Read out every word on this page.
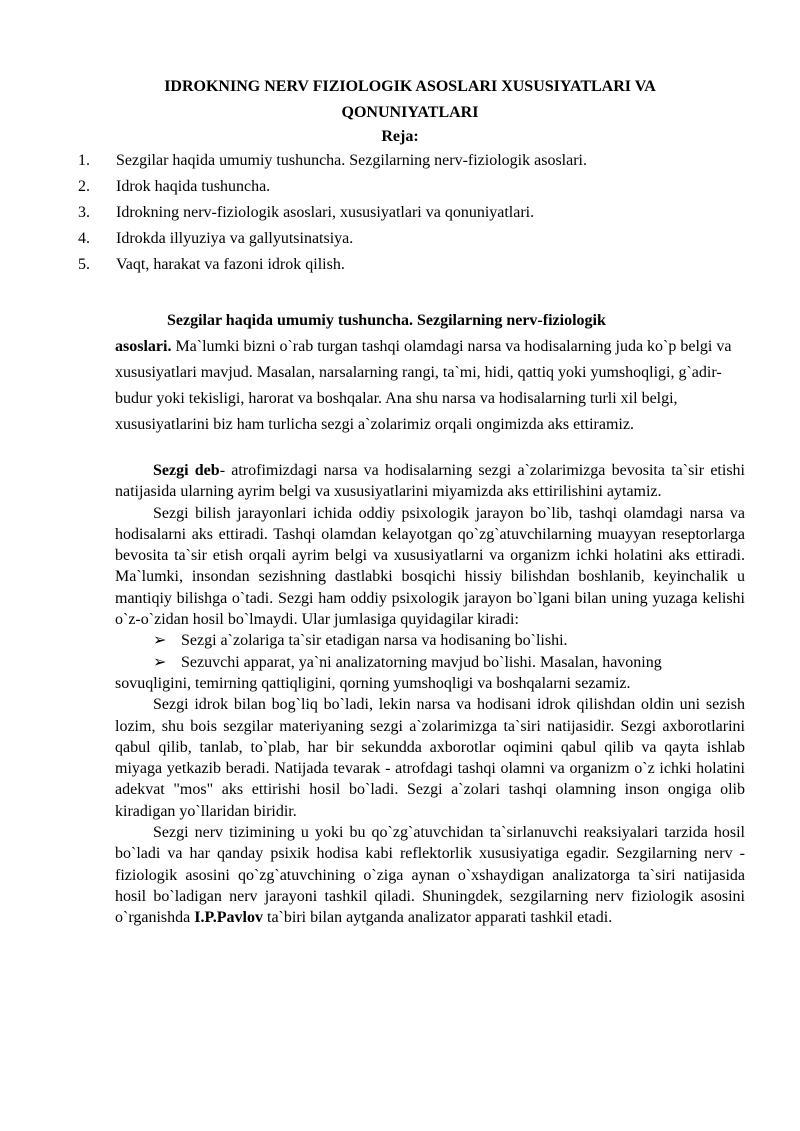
IDROKNING NERV FIZIOLOGIK ASOSLARI XUSUSIYATLARI VA
QONUNIYATLARI
Reja:
1.	Sezgilar haqida umumiy tushuncha. Sezgilarning nerv-fiziologik asoslari.
2.	Idrok haqida tushuncha.
3.	Idrokning nerv-fiziologik asoslari, xususiyatlari va qonuniyatlari.
4.	Idrokda illyuziya va gallyutsinatsiya.
5.	Vaqt, harakat va fazoni idrok qilish.
Sezgilar haqida umumiy tushuncha. Sezgilarning nerv-fiziologik
asoslari. Ma`lumki bizni o`rab turgan tashqi olamdagi narsa va hodisalarning juda ko`p belgi va xususiyatlari mavjud. Masalan, narsalarning rangi, ta`mi, hidi, qattiq yoki yumshoqligi, g`adir-budur yoki tekisligi, harorat va boshqalar. Ana shu narsa va hodisalarning turli xil belgi, xususiyatlarini biz ham turlicha sezgi a`zolarimiz orqali ongimizda aks ettiramiz.

Sezgi deb- atrofimizdagi narsa va hodisalarning sezgi a`zolarimizga bevosita ta`sir etishi natijasida ularning ayrim belgi va xususiyatlarini miyamizda aks ettirilishini aytamiz.

Sezgi bilish jarayonlari ichida oddiy psixologik jarayon bo`lib, tashqi olamdagi narsa va hodisalarni aks ettiradi. Tashqi olamdan kelayotgan qo`zg`atuvchilarning muayyan reseptorlarga bevosita ta`sir etish orqali ayrim belgi va xususiyatlarni va organizm ichki holatini aks ettiradi. Ma`lumki, insondan sezishning dastlabki bosqichi hissiy bilishdan boshlanib, keyinchalik u mantiqiy bilishga o`tadi. Sezgi ham oddiy psixologik jarayon bo`lgani bilan uning yuzaga kelishi o`z-o`zidan hosil bo`lmaydi. Ular jumlasiga quyidagilar kiradi:

➢ Sezgi a`zolariga ta`sir etadigan narsa va hodisaning bo`lishi.
➢ Sezuvchi apparat, ya`ni analizatorning mavjud bo`lishi. Masalan, havoning
sovuqligini, temirning qattiqligini, qorning yumshoqligi va boshqalarni sezamiz.

Sezgi idrok bilan bog`liq bo`ladi, lekin narsa va hodisani idrok qilishdan oldin uni sezish lozim, shu bois sezgilar materiyaning sezgi a`zolarimizga ta`siri natijasidir. Sezgi axborotlarini qabul qilib, tanlab, to`plab, har bir sekundda axborotlar oqimini qabul qilib va qayta ishlab miyaga yetkazib beradi. Natijada tevarak - atrofdagi tashqi olamni va organizm o`z ichki holatini adekvat "mos" aks ettirishi hosil bo`ladi. Sezgi a`zolari tashqi olamning inson ongiga olib kiradigan yo`llaridan biridir.

Sezgi nerv tizimining u yoki bu qo`zg`atuvchidan ta`sirlanuvchi reaksiyalari tarzida hosil bo`ladi va har qanday psixik hodisa kabi reflektorlik xususiyatiga egadir. Sezgilarning nerv - fiziologik asosini qo`zg`atuvchining o`ziga aynan o`xshaydigan analizatorga ta`siri natijasida hosil bo`ladigan nerv jarayoni tashkil qiladi. Shuningdek, sezgilarning nerv fiziologik asosini o`rganishda I.P.Pavlov ta`biri bilan aytganda analizator apparati tashkil etadi.
